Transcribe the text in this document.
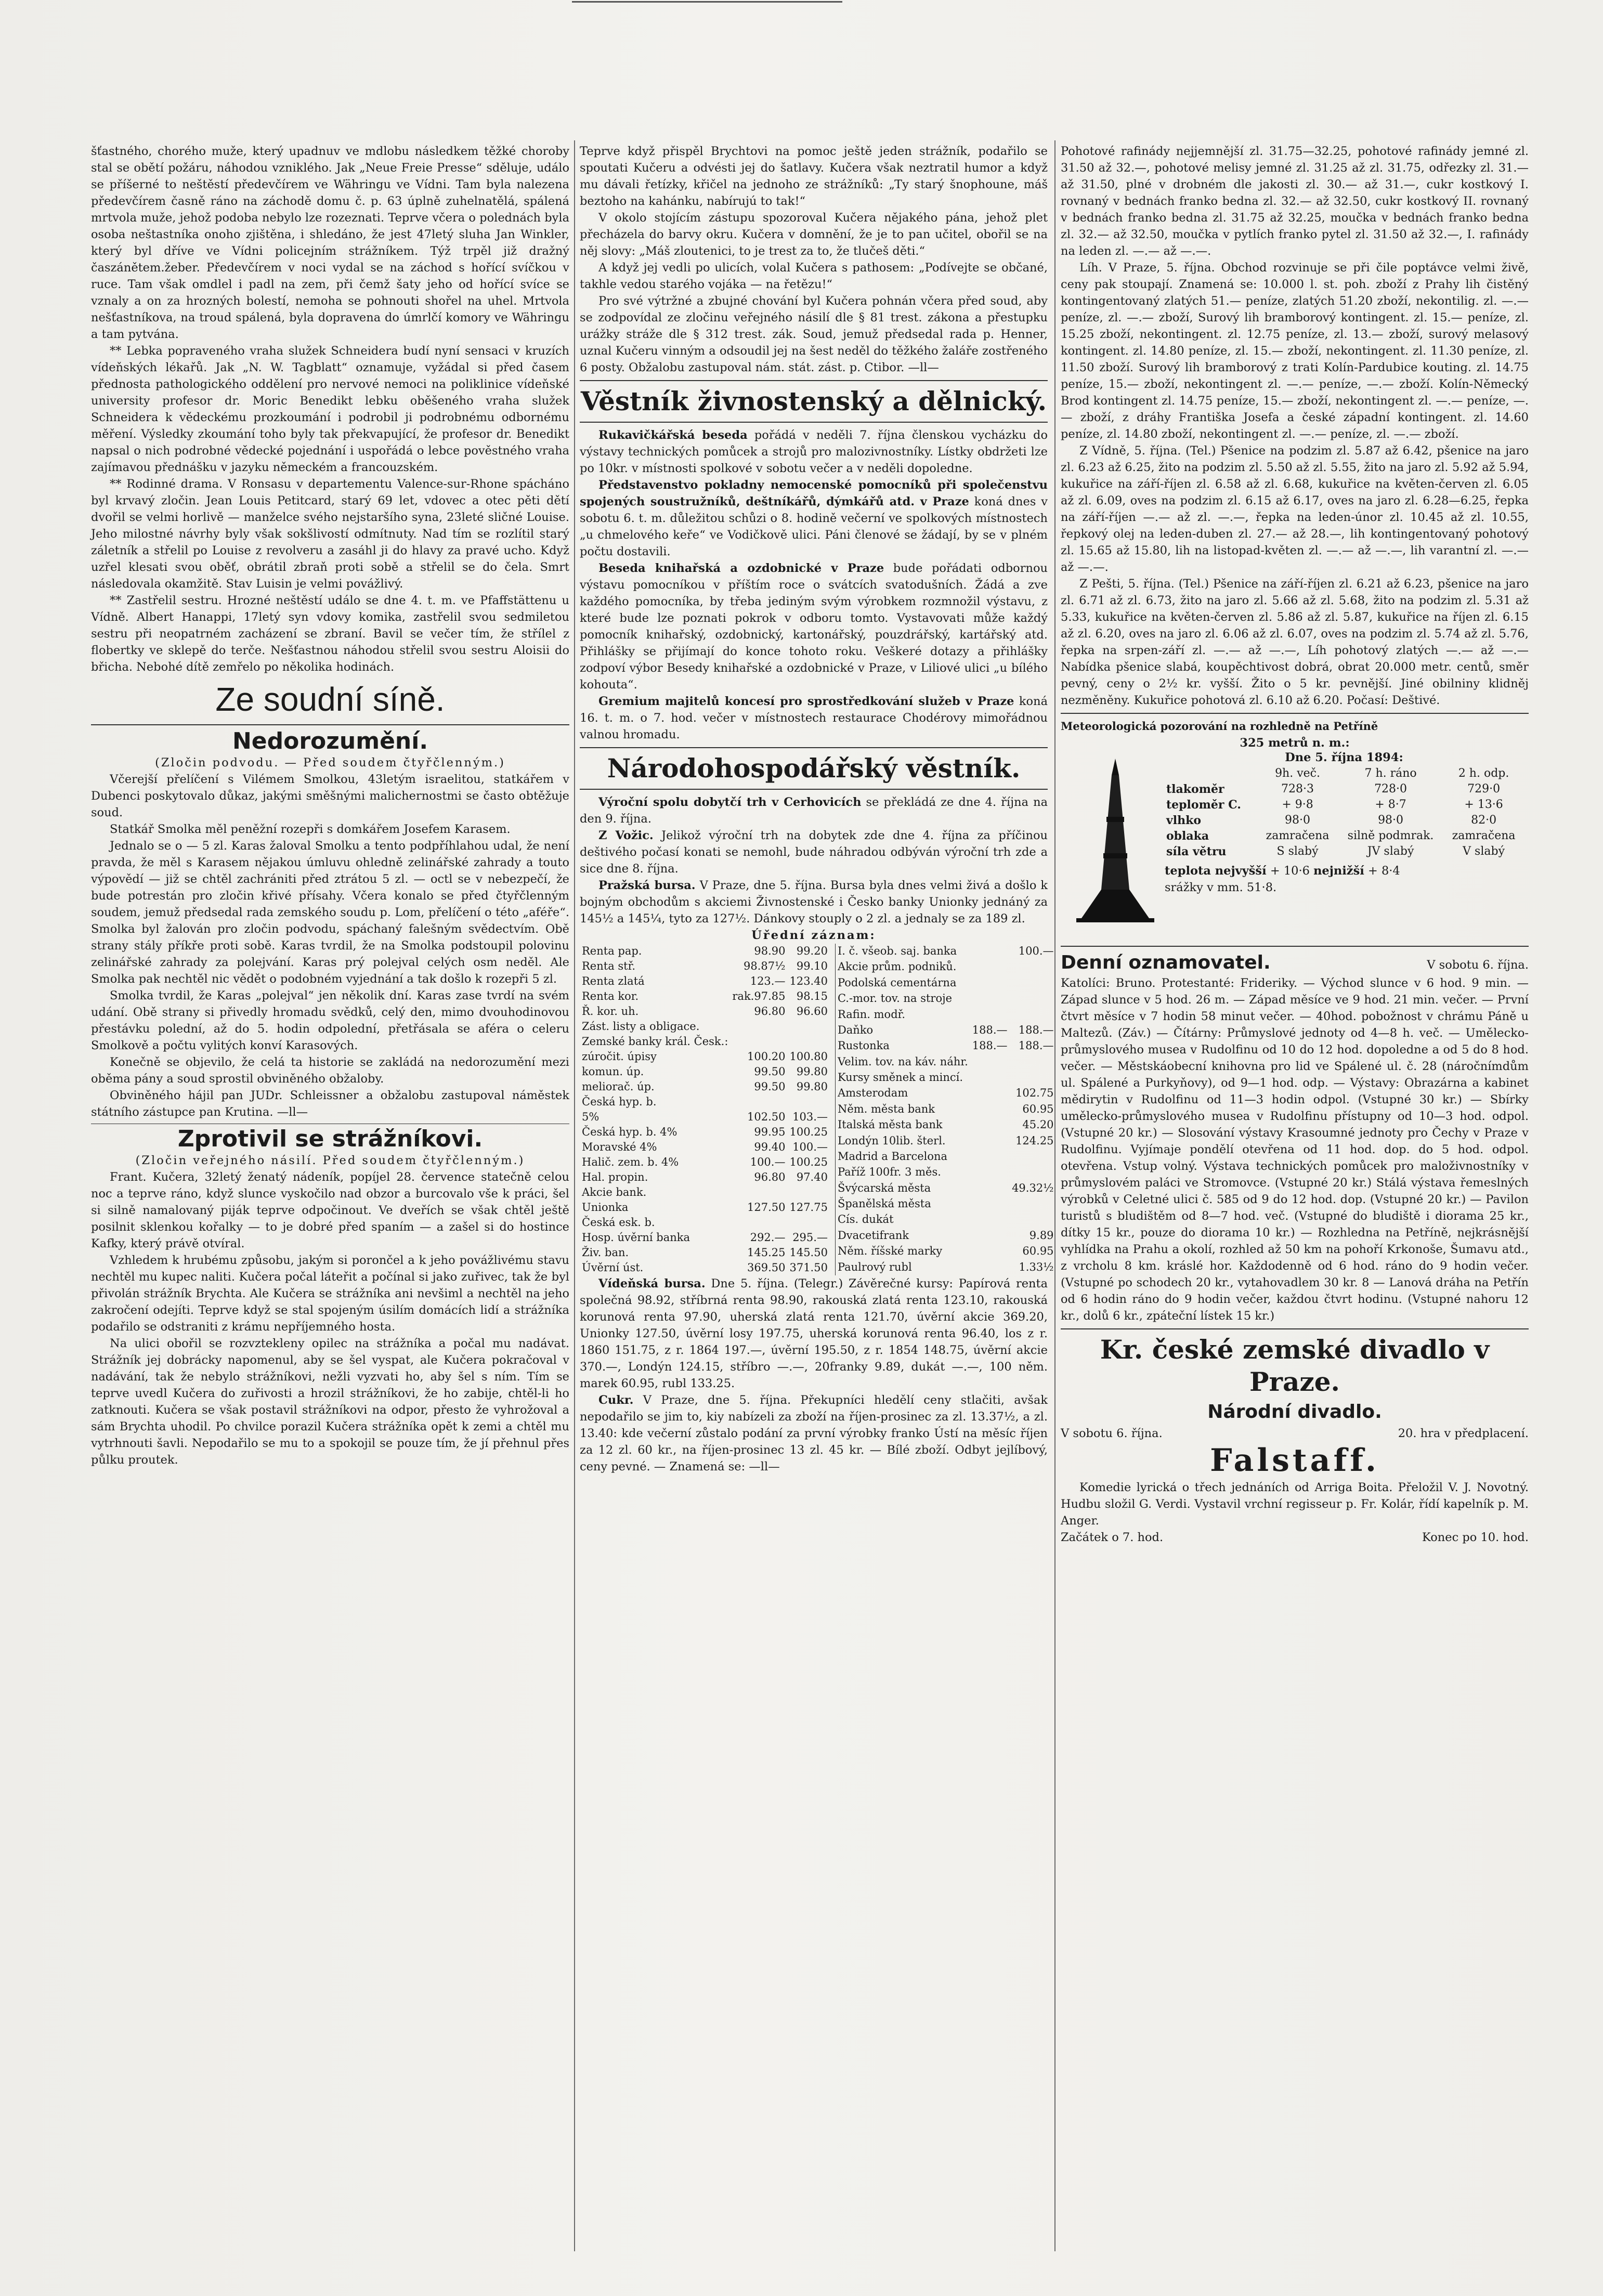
šťastného, chorého muže, který upadnuv ve mdlobu následkem těžké choroby stal se obětí požáru, náhodou vzniklého. Jak „Neue Freie Presse“ sděluje, událo se příšerné to neštěstí předevčírem ve Währingu ve Vídni. Tam byla nalezena předevčírem časně ráno na záchodě domu č. p. 63 úplně zuhelnatělá, spálená mrtvola muže, jehož podoba nebylo lze rozeznati. Teprve včera o polednách byla osoba neštastníka onoho zjištěna, i shledáno, že jest 47letý sluha Jan Winkler, který byl dříve ve Vídni policejním strážníkem. Týž trpěl již dražný časzánětem.žeber. Předevčírem v noci vydal se na záchod s hořící svíčkou v ruce. Tam však omdlel i padl na zem, při čemž šaty jeho od hořící svíce se vznaly a on za hrozných bolestí, nemoha se pohnouti shořel na uhel. Mrtvola nešťastníkova, na troud spálená, byla dopravena do úmrlčí komory ve Währingu a tam pytvána.

** Lebka popraveného vraha služek Schneidera budí nyní sensaci v kruzích vídeňských lékařů. Jak „N. W. Tagblatt“ oznamuje, vyžádal si před časem přednosta pathologického oddělení pro nervové nemoci na poliklinice vídeňské university profesor dr. Moric Benedikt lebku oběšeného vraha služek Schneidera k vědeckému prozkoumání i podrobil ji podrobnému odbornému měření. Výsledky zkoumání toho byly tak překvapující, že profesor dr. Benedikt napsal o nich podrobné vědecké pojednání i uspořádá o lebce pověstného vraha zajímavou přednášku v jazyku německém a francouzském.

** Rodinné drama. V Ronsasu v departementu Valence-sur-Rhone spácháno byl krvavý zločin. Jean Louis Petitcard, starý 69 let, vdovec a otec pěti dětí dvořil se velmi horlivě — manželce svého nejstaršího syna, 23leté sličné Louise. Jeho milostné návrhy byly však sokšlivostí odmítnuty. Nad tím se rozlítil starý záletník a střelil po Louise z revolveru a zasáhl ji do hlavy za pravé ucho. Když uzřel klesati svou oběť, obrátil zbraň proti sobě a střelil se do čela. Smrt následovala okamžitě. Stav Luisin je velmi povážlivý.

** Zastřelil sestru. Hrozné neštěstí událo se dne 4. t. m. ve Pfaffstättenu u Vídně. Albert Hanappi, 17letý syn vdovy komika, zastřelil svou sedmiletou sestru při neopatrném zacházení se zbraní. Bavil se večer tím, že střílel z flobertky ve sklepě do terče. Nešťastnou náhodou střelil svou sestru Aloisii do břicha. Nebohé dítě zemřelo po několika hodinách.

Ze soudní síně.
Nedorozumění.

(Zločin podvodu. — Před soudem čtyřčlenným.)

Včerejší přelíčení s Vilémem Smolkou, 43letým israelitou, statkářem v Dubenci poskytovalo důkaz, jakými směšnými malichernostmi se často obtěžuje soud.

Statkář Smolka měl peněžní rozepři s domkářem Josefem Karasem.

Jednalo se o — 5 zl. Karas žaloval Smolku a tento podpříhlahou udal, že není pravda, že měl s Karasem nějakou úmluvu ohledně zelinářské zahrady a touto výpovědí — již se chtěl zachrániti před ztrátou 5 zl. — octl se v nebezpečí, že bude potrestán pro zločin křivé přísahy. Včera konalo se před čtyřčlenným soudem, jemuž předsedal rada zemského soudu p. Lom, přelíčení o této „aféře“. Smolka byl žalován pro zločin podvodu, spáchaný falešným svědectvím. Obě strany stály příkře proti sobě. Karas tvrdil, že na Smolka podstoupil polovinu zelinářské zahrady za polejvání. Karas prý polejval celých osm neděl. Ale Smolka pak nechtěl nic vědět o podobném vyjednání a tak došlo k rozepři 5 zl.

Smolka tvrdil, že Karas „polejval“ jen několik dní. Karas zase tvrdí na svém udání. Obě strany si přivedly hromadu svědků, celý den, mimo dvouhodinovou přestávku polední, až do 5. hodin odpolední, přetřásala se aféra o celeru Smolkově a počtu vylitých konví Karasových.

Konečně se objevilo, že celá ta historie se zakládá na nedorozumění mezi oběma pány a soud sprostil obviněného obžaloby.

Obviněného hájil pan JUDr. Schleissner a obžalobu zastupoval náměstek státního zástupce pan Krutina. —ll—

Zprotivil se strážníkovi.

(Zločin veřejného násilí. Před soudem čtyřčlenným.)

Frant. Kučera, 32letý ženatý nádeník, popíjel 28. července statečně celou noc a teprve ráno, když slunce vyskočilo nad obzor a burcovalo vše k práci, šel si silně namalovaný piják teprve odpočinout. Ve dveřích se však chtěl ještě posilnit sklenkou kořalky — to je dobré před spaním — a zašel si do hostince Kafky, který právě otvíral.

Vzhledem k hrubému způsobu, jakým si porončel a k jeho povážlivému stavu nechtěl mu kupec naliti. Kučera počal láteřit a počínal si jako zuřivec, tak že byl přivolán strážník Brychta. Ale Kučera se strážníka ani nevšiml a nechtěl na jeho zakročení odejíti. Teprve když se stal spojeným úsilím domácích lidí a strážníka podařilo se odstraniti z krámu nepříjemného hosta.

Na ulici obořil se rozvztekleny opilec na strážníka a počal mu nadávat. Strážník jej dobrácky napomenul, aby se šel vyspat, ale Kučera pokračoval v nadávání, tak že nebylo strážníkovi, nežli vyzvati ho, aby šel s ním. Tím se teprve uvedl Kučera do zuřivosti a hrozil strážníkovi, že ho zabije, chtěl-li ho zatknouti. Kučera se však postavil strážníkovi na odpor, přesto že vyhrožoval a sám Brychta uhodil. Po chvilce porazil Kučera strážníka opět k zemi a chtěl mu vytrhnouti šavli. Nepodařilo se mu to a spokojil se pouze tím, že jí přehnul přes půlku proutek.

Teprve když přispěl Brychtovi na pomoc ještě jeden strážník, podařilo se spoutati Kučeru a odvésti jej do šatlavy. Kučera však neztratil humor a když mu dávali řetízky, křičel na jednoho ze strážníků: „Ty starý šnophoune, máš beztoho na kahánku, nabírujú to tak!“

V okolo stojícím zástupu spozoroval Kučera nějakého pána, jehož plet přecházela do barvy okru. Kučera v domnění, že je to pan učitel, obořil se na něj slovy: „Máš zloutenici, to je trest za to, že tlučeš děti.“

A když jej vedli po ulicích, volal Kučera s pathosem: „Podívejte se občané, takhle vedou starého vojáka — na řetězu!“

Pro své výtržné a zbujné chování byl Kučera pohnán včera před soud, aby se zodpovídal ze zločinu veřejného násilí dle § 81 trest. zákona a přestupku urážky stráže dle § 312 trest. zák. Soud, jemuž předsedal rada p. Henner, uznal Kučeru vinným a odsoudil jej na šest neděl do těžkého žaláře zostřeného 6 posty. Obžalobu zastupoval nám. stát. zást. p. Ctibor. —ll—

Věstník živnostenský a dělnický.

Rukavičkářská beseda pořádá v neděli 7. října členskou vycházku do výstavy technických pomůcek a strojů pro malozivnostníky. Lístky obdržeti lze po 10kr. v místnosti spolkové v sobotu večer a v neděli dopoledne.

Představenstvo pokladny nemocenské pomocníků při společenstvu spojených soustružníků, deštníkářů, dýmkářů atd. v Praze koná dnes v sobotu 6. t. m. důležitou schůzi o 8. hodině večerní ve spolkových místnostech „u chmelového keře“ ve Vodičkově ulici. Páni členové se žádají, by se v plném počtu dostavili.

Beseda knihařská a ozdobnické v Praze bude pořádati odbornou výstavu pomocníkou v příštím roce o svátcích svatodušních. Žádá a zve každého pomocníka, by třeba jediným svým výrobkem rozmnožil výstavu, z které bude lze poznati pokrok v odboru tomto. Vystavovati může každý pomocník knihařský, ozdobnický, kartonářský, pouzdrářský, kartářský atd. Přihlášky se přijímají do konce tohoto roku. Veškeré dotazy a přihlášky zodpoví výbor Besedy knihařské a ozdobnické v Praze, v Liliové ulici „u bílého kohouta“.

Gremium majitelů koncesí pro sprostředkování služeb v Praze koná 16. t. m. o 7. hod. večer v místnostech restaurace Chodérovy mimořádnou valnou hromadu.

Národohospodářský věstník.

Výroční spolu dobytčí trh v Cerhovicích se překládá ze dne 4. října na den 9. října.

Z Vožic. Jelikož výroční trh na dobytek zde dne 4. října za příčinou deštivého počasí konati se nemohl, bude náhradou odbýván výroční trh zde a sice dne 8. října.

Pražská bursa. V Praze, dne 5. října. Bursa byla dnes velmi živá a došlo k bojným obchodům s akciemi Živnostenské i Česko banky Unionky jednáný za 145½ a 145¼, tyto za 127½. Dánkovy stouply o 2 zl. a jednaly se za 189 zl.

Úřední záznam:
Renta pap.	98.90	99.20
Renta stř.	98.87½	99.10
Renta zlatá	123.—	123.40
Renta kor.	rak.97.85	98.15
Ř. kor. uh.	96.80	96.60
Zást. listy a obligace.		
Zemské banky král. Česk.:		
zúročit. úpisy	100.20	100.80
komun. úp.	99.50	99.80
meliorač. úp.	99.50	99.80
Česká hyp. b.		
5%	102.50	103.—
Česká hyp. b. 4%	99.95	100.25
Moravské 4%	99.40	100.—
Halič. zem. b. 4%	100.—	100.25
Hal. propin.	96.80	97.40
Akcie bank.		
Unionka	127.50	127.75
Česká esk. b.		
Hosp. úvěrní banka	292.—	295.—
Živ. ban.	145.25	145.50
Úvěrní úst.	369.50	371.50
I. č. všeob. saj. banka		100.—
Akcie prům. podniků.		
Podolská cementárna		
C.-mor. tov. na stroje		
Rafin. modř.		
Daňko	188.—	188.—
Rustonka	188.—	188.—
Velim. tov. na káv. náhr.		
Kursy směnek a mincí.		
Amsterodam		102.75
Něm. města bank		60.95
Italská města bank		45.20
Londýn 10lib. šterl.		124.25
Madrid a Barcelona		
Paříž 100fr. 3 měs.		
Švýcarská města		49.32½
Španělská města		
Cís. dukát		
Dvacetifrank		9.89
Něm. říšské marky		60.95
Paulrový rubl		1.33½

Vídeňská bursa. Dne 5. října. (Telegr.) Závěrečné kursy: Papírová renta společná 98.92, stříbrná renta 98.90, rakouská zlatá renta 123.10, rakouská korunová renta 97.90, uherská zlatá renta 121.70, úvěrní akcie 369.20, Unionky 127.50, úvěrní losy 197.75, uherská korunová renta 96.40, los z r. 1860 151.75, z r. 1864 197.—, úvěrní 195.50, z r. 1854 148.75, úvěrní akcie 370.—, Londýn 124.15, stříbro —.—, 20franky 9.89, dukát —.—, 100 něm. marek 60.95, rubl 133.25.

Cukr. V Praze, dne 5. října. Překupníci hledělí ceny stlačiti, avšak nepodařilo se jim to, kiy nabízeli za zboží na říjen-prosinec za zl. 13.37½, a zl. 13.40: kde večerní zůstalo podání za první výrobky franko Ústí na měsíc říjen za 12 zl. 60 kr., na říjen-prosinec 13 zl. 45 kr. — Bílé zboží. Odbyt jejlíbový, ceny pevné. — Znamená se: —ll—

Pohotové rafinády nejjemnější zl. 31.75—32.25, pohotové rafinády jemné zl. 31.50 až 32.—, pohotové melisy jemné zl. 31.25 až zl. 31.75, odřezky zl. 31.— až 31.50, plné v drobném dle jakosti zl. 30.— až 31.—, cukr kostkový I. rovnaný v bednách franko bedna zl. 32.— až 32.50, cukr kostkový II. rovnaný v bednách franko bedna zl. 31.75 až 32.25, moučka v bednách franko bedna zl. 32.— až 32.50, moučka v pytlích franko pytel zl. 31.50 až 32.—, I. rafinády na leden zl. —.— až —.—.

Líh. V Praze, 5. října. Obchod rozvinuje se při čile poptávce velmi živě, ceny pak stoupají. Znamená se: 10.000 l. st. poh. zboží z Prahy lih čistěný kontingentovaný zlatých 51.— peníze, zlatých 51.20 zboží, nekontilig. zl. —.— peníze, zl. —.— zboží, Surový lih bramborový kontingent. zl. 15.— peníze, zl. 15.25 zboží, nekontingent. zl. 12.75 peníze, zl. 13.— zboží, surový melasový kontingent. zl. 14.80 peníze, zl. 15.— zboží, nekontingent. zl. 11.30 peníze, zl. 11.50 zboží. Surový lih bramborový z trati Kolín-Pardubice kouting. zl. 14.75 peníze, 15.— zboží, nekontingent zl. —.— peníze, —.— zboží. Kolín-Německý Brod kontingent zl. 14.75 peníze, 15.— zboží, nekontingent zl. —.— peníze, —.— zboží, z dráhy Františka Josefa a české západní kontingent. zl. 14.60 peníze, zl. 14.80 zboží, nekontingent zl. —.— peníze, zl. —.— zboží.

Z Vídně, 5. října. (Tel.) Pšenice na podzim zl. 5.87 až 6.42, pšenice na jaro zl. 6.23 až 6.25, žito na podzim zl. 5.50 až zl. 5.55, žito na jaro zl. 5.92 až 5.94, kukuřice na září-říjen zl. 6.58 až zl. 6.68, kukuřice na květen-červen zl. 6.05 až zl. 6.09, oves na podzim zl. 6.15 až 6.17, oves na jaro zl. 6.28—6.25, řepka na září-říjen —.— až zl. —.—, řepka na leden-únor zl. 10.45 až zl. 10.55, řepkový olej na leden-duben zl. 27.— až 28.—, lih kontingentovaný pohotový zl. 15.65 až 15.80, lih na listopad-květen zl. —.— až —.—, lih varantní zl. —.— až —.—.

Z Pešti, 5. října. (Tel.) Pšenice na září-říjen zl. 6.21 až 6.23, pšenice na jaro zl. 6.71 až zl. 6.73, žito na jaro zl. 5.66 až zl. 5.68, žito na podzim zl. 5.31 až 5.33, kukuřice na květen-červen zl. 5.86 až zl. 5.87, kukuřice na říjen zl. 6.15 až zl. 6.20, oves na jaro zl. 6.06 až zl. 6.07, oves na podzim zl. 5.74 až zl. 5.76, řepka na srpen-září zl. —.— až —.—, Líh pohotový zlatých —.— až —.— Nabídka pšenice slabá, koupěchtivost dobrá, obrat 20.000 metr. centů, směr pevný, ceny o 2½ kr. vyšší. Žito o 5 kr. pevnější. Jiné obilniny klidněj nezměněny. Kukuřice pohotová zl. 6.10 až 6.20. Počasí: Deštivé.

Meteorologická pozorování na rozhledně na Petříně
325 metrů n. m.:
Dne 5. října 1894:
	9h. več.	7 h. ráno	2 h. odp.
tlakoměr	728·3	728·0	729·0
teploměr C.	+ 9·8	+ 8·7	+ 13·6
vlhko	98·0	98·0	82·0
oblaka	zamračena	silně podmrak.	zamračena
síla větru	S slabý	JV slabý	V slabý
teplota nejvyšší + 10·6 nejnižší + 8·4
srážky v mm. 51·8.
Denní oznamovatel.	V sobotu 6. října.

Katolíci: Bruno. Protestanté: Frideriky. — Východ slunce v 6 hod. 9 min. — Západ slunce v 5 hod. 26 m. — Západ měsíce ve 9 hod. 21 min. večer. — První čtvrt měsíce v 7 hodin 58 minut večer. — 40hod. pobožnost v chrámu Páně u Maltezů. (Záv.) — Čítárny: Průmyslové jednoty od 4—8 h. več. — Umělecko-průmyslového musea v Rudolfinu od 10 do 12 hod. dopoledne a od 5 do 8 hod. večer. — Městskáobecní knihovna pro lid ve Spálené ul. č. 28 (náročnímdům ul. Spálené a Purkyňovy), od 9—1 hod. odp. — Výstavy: Obrazárna a kabinet mědirytin v Rudolfinu od 11—3 hodin odpol. (Vstupné 30 kr.) — Sbírky umělecko-průmyslového musea v Rudolfinu přístupny od 10—3 hod. odpol. (Vstupné 20 kr.) — Slosování výstavy Krasoumné jednoty pro Čechy v Praze v Rudolfinu. Vyjímaje pondělí otevřena od 11 hod. dop. do 5 hod. odpol. otevřena. Vstup volný. Výstava technických pomůcek pro maloživnostníky v průmyslovém paláci ve Stromovce. (Vstupné 20 kr.) Stálá výstava řemeslných výrobků v Celetné ulici č. 585 od 9 do 12 hod. dop. (Vstupné 20 kr.) — Pavilon turistů s bludištěm od 8—7 hod. več. (Vstupné do bludiště i diorama 25 kr., dítky 15 kr., pouze do diorama 10 kr.) — Rozhledna na Petříně, nejkrásnější vyhlídka na Prahu a okolí, rozhled až 50 km na pohoří Krkonoše, Šumavu atd., z vrcholu 8 km. kráslé hor. Každodenně od 6 hod. ráno do 9 hodin večer. (Vstupné po schodech 20 kr., vytahovadlem 30 kr. 8 — Lanová dráha na Petřín od 6 hodin ráno do 9 hodin večer, každou čtvrt hodinu. (Vstupné nahoru 12 kr., dolů 6 kr., zpáteční lístek 15 kr.)

Kr. české zemské divadlo v Praze.
Národní divadlo.
V sobotu 6. října.	20. hra v předplacení.
Falstaff.

Komedie lyrická o třech jednáních od Arriga Boita. Přeložil V. J. Novotný. Hudbu složil G. Verdi. Vystavil vrchní regisseur p. Fr. Kolár, řídí kapelník p. M. Anger.

Začátek o 7. hod.	Konec po 10. hod.
